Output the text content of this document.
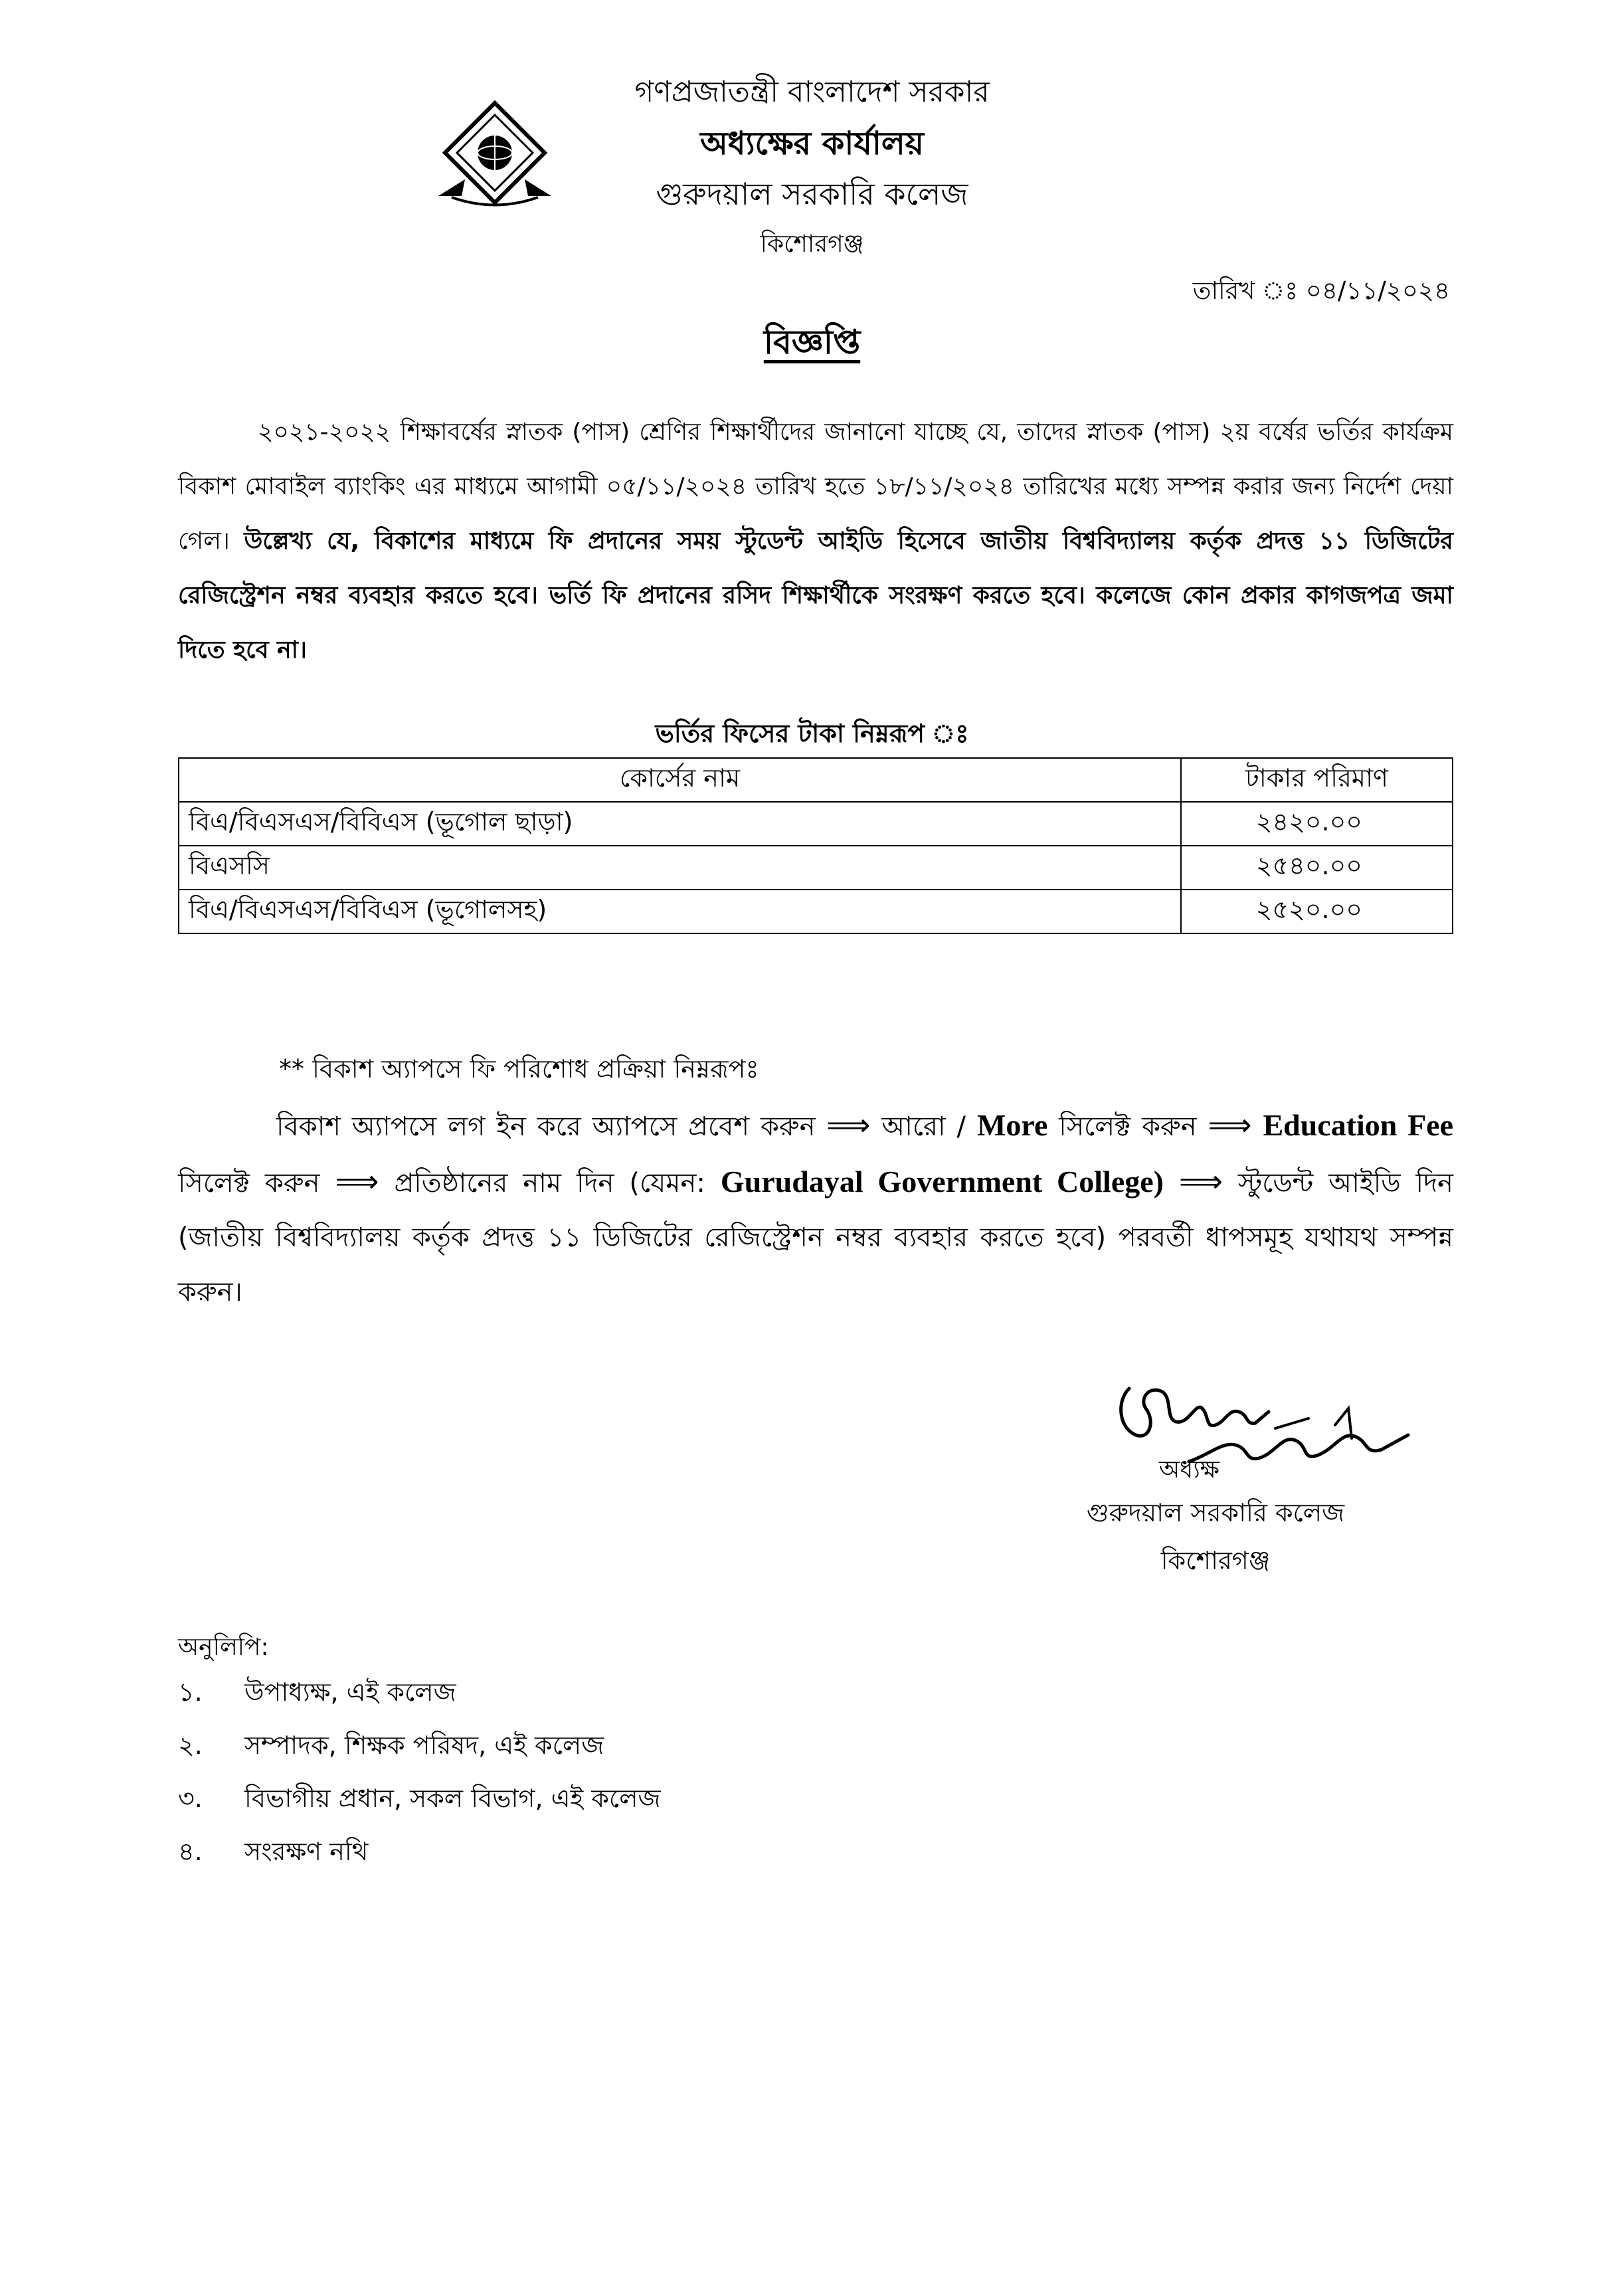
গণপ্রজাতন্ত্রী বাংলাদেশ সরকার
অধ্যক্ষের কার্যালয়
গুরুদয়াল সরকারি কলেজ
কিশোরগঞ্জ
তারিখ ঃ ০৪/১১/২০২৪
বিজ্ঞপ্তি
২০২১-২০২২ শিক্ষাবর্ষের স্নাতক (পাস) শ্রেণির শিক্ষার্থীদের জানানো যাচ্ছে যে, তাদের স্নাতক (পাস) ২য় বর্ষের ভর্তির কার্যক্রম বিকাশ মোবাইল ব্যাংকিং এর মাধ্যমে আগামী ০৫/১১/২০২৪ তারিখ হতে ১৮/১১/২০২৪ তারিখের মধ্যে সম্পন্ন করার জন্য নির্দেশ দেয়া গেল। উল্লেখ্য যে, বিকাশের মাধ্যমে ফি প্রদানের সময় স্টুডেন্ট আইডি হিসেবে জাতীয় বিশ্ববিদ্যালয় কর্তৃক প্রদত্ত ১১ ডিজিটের রেজিস্ট্রেশন নম্বর ব্যবহার করতে হবে। ভর্তি ফি প্রদানের রসিদ শিক্ষার্থীকে সংরক্ষণ করতে হবে। কলেজে কোন প্রকার কাগজপত্র জমা দিতে হবে না।
ভর্তির ফিসের টাকা নিম্নরূপ ঃ
কোর্সের নাম	টাকার পরিমাণ
বিএ/বিএসএস/বিবিএস (ভূগোল ছাড়া)	২৪২০.০০
বিএসসি	২৫৪০.০০
বিএ/বিএসএস/বিবিএস (ভূগোলসহ)	২৫২০.০০
** বিকাশ অ্যাপসে ফি পরিশোধ প্রক্রিয়া নিম্নরূপঃ
বিকাশ অ্যাপসে লগ ইন করে অ্যাপসে প্রবেশ করুন ⟹ আরো / More সিলেক্ট করুন ⟹ Education Fee সিলেক্ট করুন ⟹ প্রতিষ্ঠানের নাম দিন (যেমন: Gurudayal Government College) ⟹ স্টুডেন্ট আইডি দিন (জাতীয় বিশ্ববিদ্যালয় কর্তৃক প্রদত্ত ১১ ডিজিটের রেজিস্ট্রেশন নম্বর ব্যবহার করতে হবে) পরবর্তী ধাপসমূহ যথাযথ সম্পন্ন করুন।
অধ্যক্ষ
গুরুদয়াল সরকারি কলেজ
কিশোরগঞ্জ
অনুলিপি:
১.	উপাধ্যক্ষ, এই কলেজ
২.	সম্পাদক, শিক্ষক পরিষদ, এই কলেজ
৩.	বিভাগীয় প্রধান, সকল বিভাগ, এই কলেজ
৪.	সংরক্ষণ নথি
